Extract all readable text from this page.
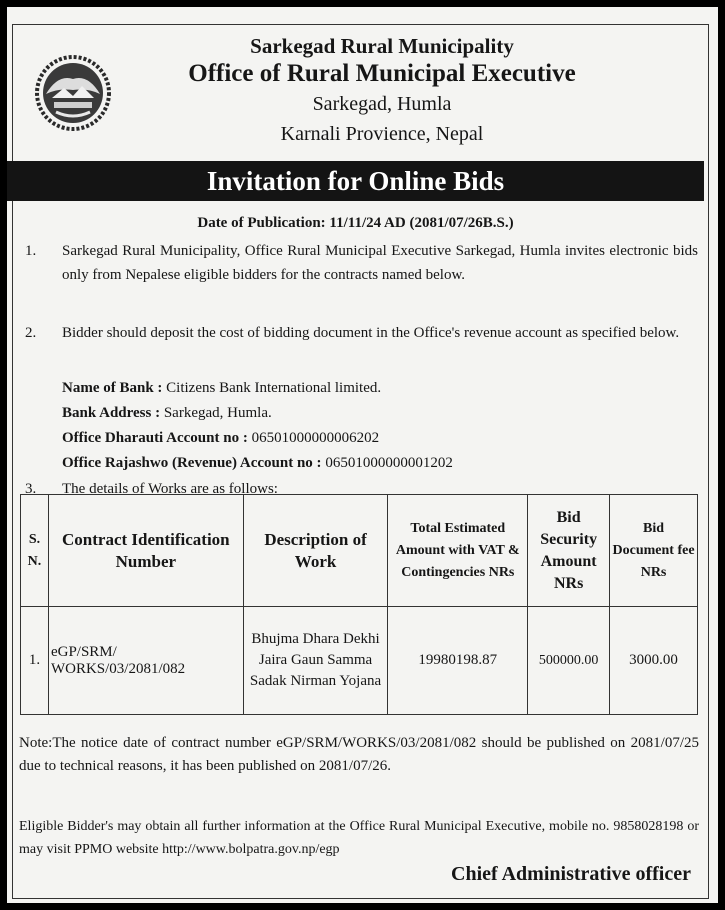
Sarkegad Rural Municipality
Office of Rural Municipal Executive
Sarkegad, Humla
Karnali Provience, Nepal
Invitation for Online Bids
Date of Publication: 11/11/24 AD (2081/07/26B.S.)
1.	Sarkegad Rural Municipality, Office Rural Municipal Executive Sarkegad, Humla invites electronic bids only from Nepalese eligible bidders for the contracts named below.
2.	Bidder should deposit the cost of bidding document in the Office's revenue account as specified below.
Name of Bank : Citizens Bank International limited.
Bank Address : Sarkegad, Humla.
Office Dharauti Account no : 06501000000006202
Office Rajashwo (Revenue) Account no : 06501000000001202
3.	The details of Works are as follows:
S. N.	Contract Identification Number	Description of Work	Total Estimated Amount with VAT & Contingencies NRs	Bid Security Amount NRs	Bid Document fee NRs
1.	eGP/SRM/ WORKS/03/2081/082	Bhujma Dhara Dekhi Jaira Gaun Samma Sadak Nirman Yojana	19980198.87	500000.00	3000.00
Note:The notice date of contract number eGP/SRM/WORKS/03/2081/082 should be published on 2081/07/25 due to technical reasons, it has been published on 2081/07/26.
Eligible Bidder's may obtain all further information at the Office Rural Municipal Executive, mobile no. 9858028198 or may visit PPMO website http://www.bolpatra.gov.np/egp
Chief Administrative officer
